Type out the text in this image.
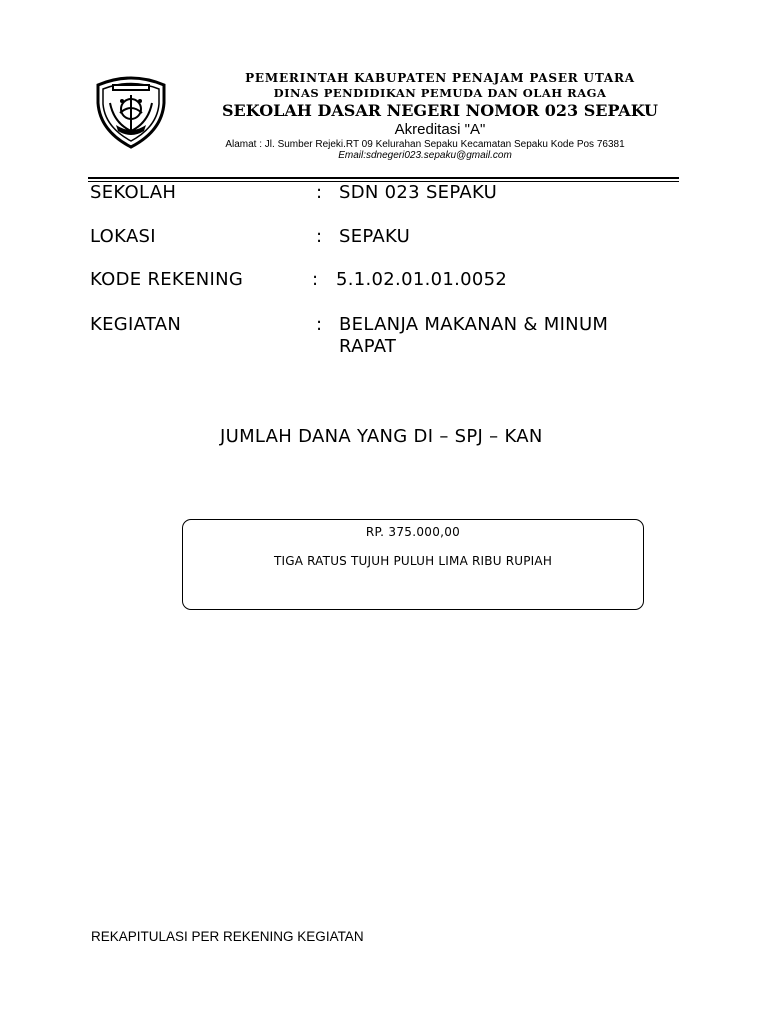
PEMERINTAH KABUPATEN PENAJAM PASER UTARA
DINAS PENDIDIKAN PEMUDA DAN OLAH RAGA
SEKOLAH DASAR NEGERI NOMOR 023 SEPAKU
Akreditasi "A"
Alamat : Jl. Sumber Rejeki.RT 09 Kelurahan Sepaku Kecamatan Sepaku Kode Pos 76381
Email:sdnegeri023.sepaku@gmail.com
SEKOLAH	: SDN 023 SEPAKU
LOKASI	: SEPAKU
KODE REKENING	: 5.1.02.01.01.0052
KEGIATAN	: BELANJA MAKANAN & MINUM
RAPAT
JUMLAH DANA YANG DI – SPJ – KAN
RP. 375.000,00
TIGA RATUS TUJUH PULUH LIMA RIBU RUPIAH
REKAPITULASI PER REKENING KEGIATAN
